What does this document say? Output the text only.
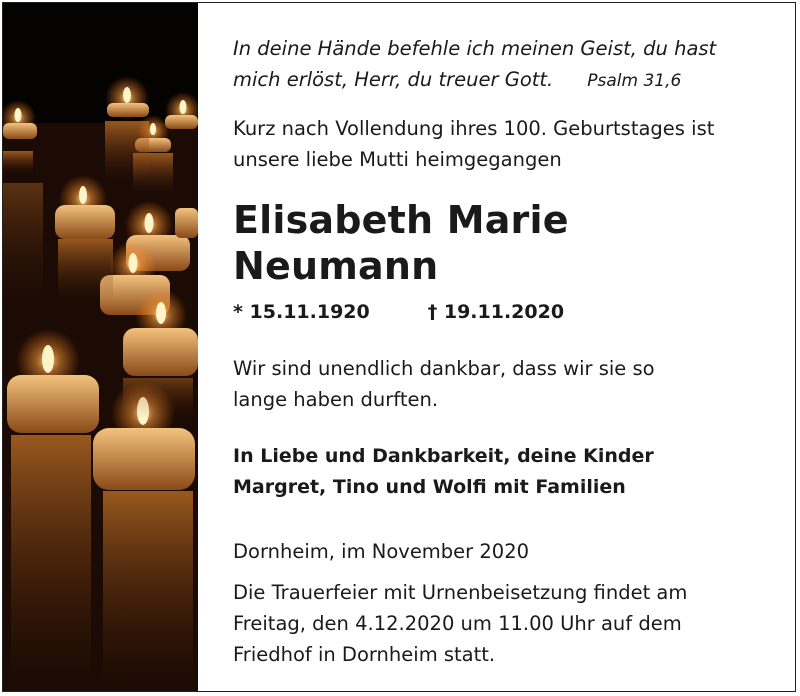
In deine Hände befehle ich meinen Geist, du hast
mich erlöst, Herr, du treuer Gott. Psalm 31,6

Kurz nach Vollendung ihres 100. Geburtstages ist
unsere liebe Mutti heimgegangen

Elisabeth Marie Neumann
* 15.11.1920	† 19.11.2020

Wir sind unendlich dankbar, dass wir sie so
lange haben durften.

In Liebe und Dankbarkeit, deine Kinder
Margret, Tino und Wolfi mit Familien

Dornheim, im November 2020

Die Trauerfeier mit Urnenbeisetzung findet am
Freitag, den 4.12.2020 um 11.00 Uhr auf dem
Friedhof in Dornheim statt.
